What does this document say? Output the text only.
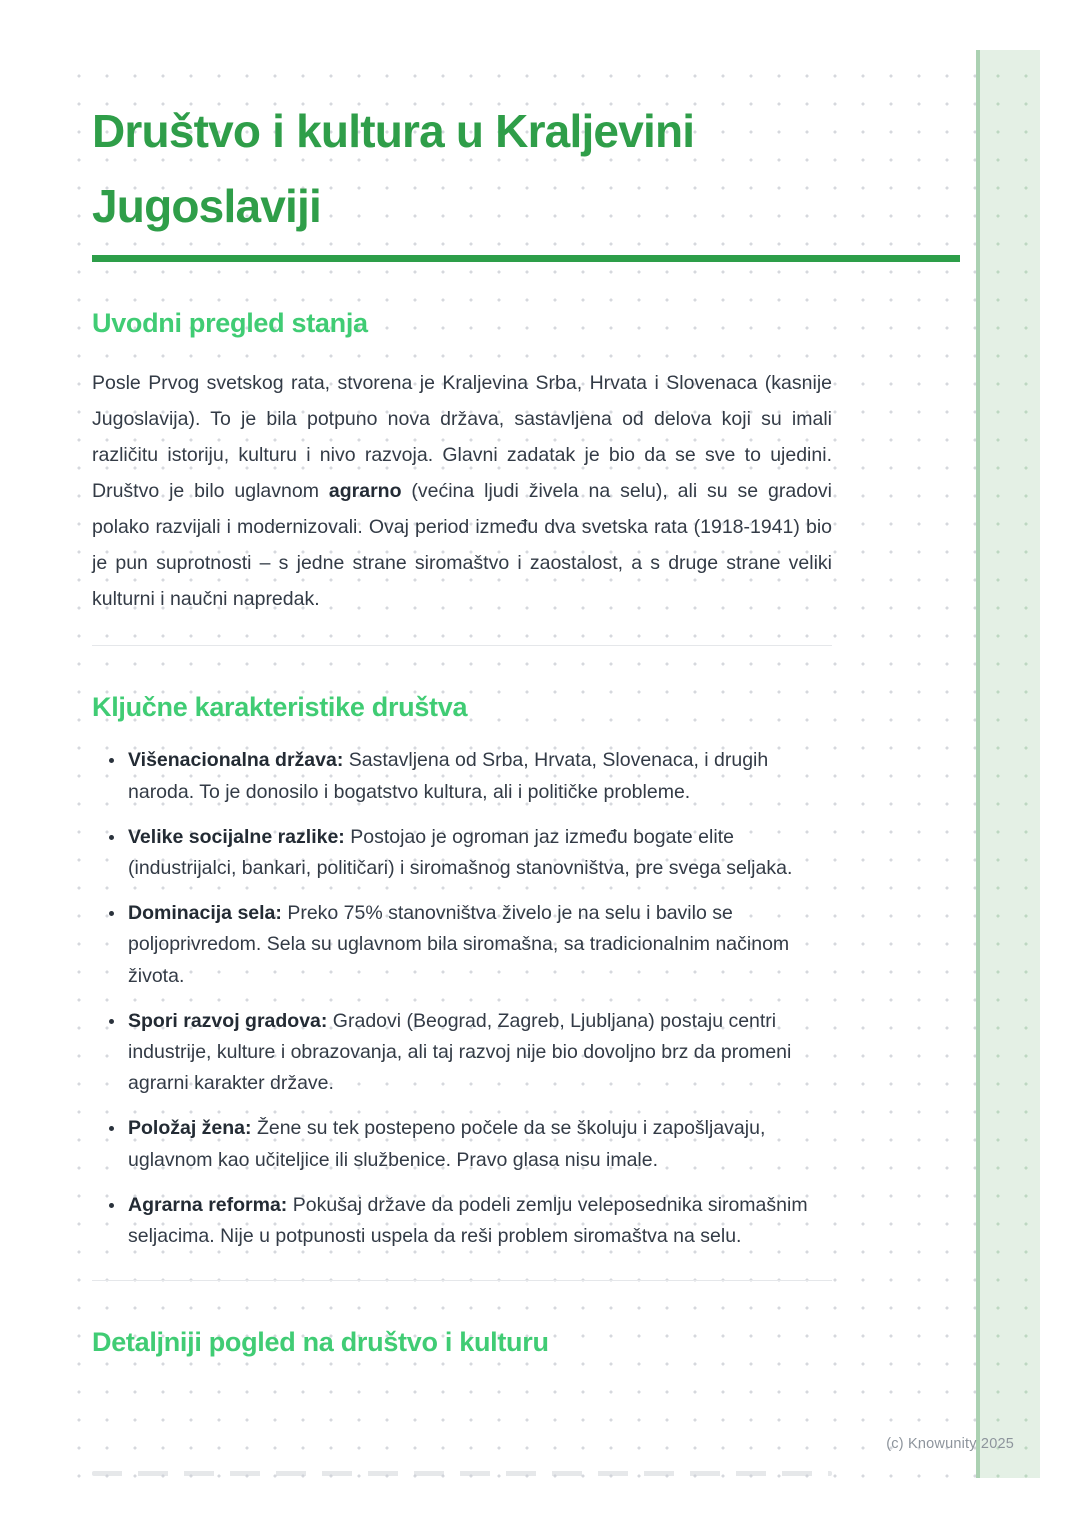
Društvo i kultura u Kraljevini Jugoslaviji
Uvodni pregled stanja

Posle Prvog svetskog rata, stvorena je Kraljevina Srba, Hrvata i Slovenaca (kasnije Jugoslavija). To je bila potpuno nova država, sastavljena od delova koji su imali različitu istoriju, kulturu i nivo razvoja. Glavni zadatak je bio da se sve to ujedini. Društvo je bilo uglavnom agrarno (većina ljudi živela na selu), ali su se gradovi polako razvijali i modernizovali. Ovaj period između dva svetska rata (1918-1941) bio je pun suprotnosti – s jedne strane siromaštvo i zaostalost, a s druge strane veliki kulturni i naučni napredak.

Ključne karakteristike društva
• Višenacionalna država: Sastavljena od Srba, Hrvata, Slovenaca, i drugih naroda. To je donosilo i bogatstvo kultura, ali i političke probleme.
• Velike socijalne razlike: Postojao je ogroman jaz između bogate elite (industrijalci, bankari, političari) i siromašnog stanovništva, pre svega seljaka.
• Dominacija sela: Preko 75% stanovništva živelo je na selu i bavilo se poljoprivredom. Sela su uglavnom bila siromašna, sa tradicionalnim načinom života.
• Spori razvoj gradova: Gradovi (Beograd, Zagreb, Ljubljana) postaju centri industrije, kulture i obrazovanja, ali taj razvoj nije bio dovoljno brz da promeni agrarni karakter države.
• Položaj žena: Žene su tek postepeno počele da se školuju i zapošljavaju, uglavnom kao učiteljice ili službenice. Pravo glasa nisu imale.
• Agrarna reforma: Pokušaj države da podeli zemlju veleposednika siromašnim seljacima. Nije u potpunosti uspela da reši problem siromaštva na selu.
Detaljniji pogled na društvo i kulturu
(c) Knowunity 2025
